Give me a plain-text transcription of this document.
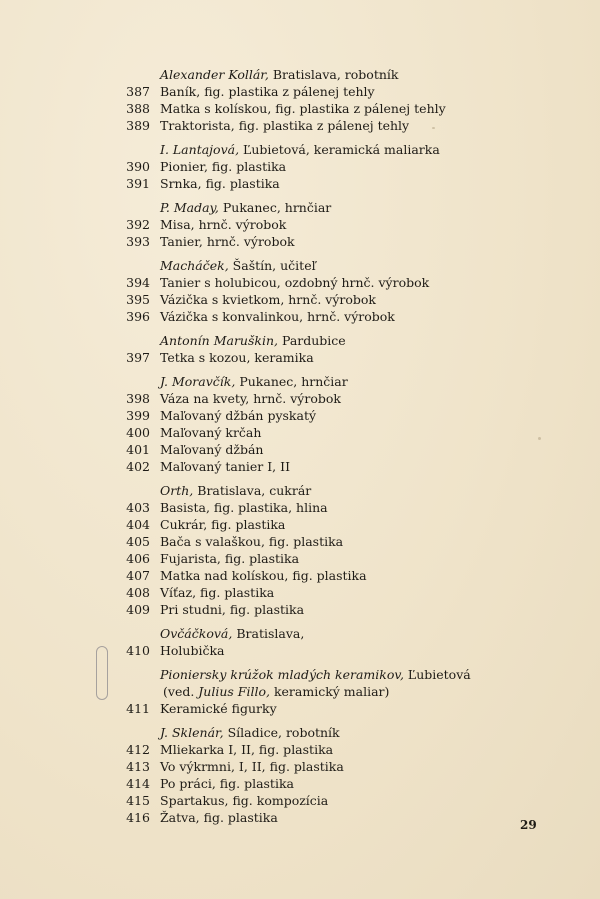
Alexander Kollár, Bratislava, robotník
387 Baník, fig. plastika z pálenej tehly
388 Matka s kolískou, fig. plastika z pálenej tehly
389 Traktorista, fig. plastika z pálenej tehly
I. Lantajová, Ľubietová, keramická maliarka
390 Pionier, fig. plastika
391 Srnka, fig. plastika
P. Maday, Pukanec, hrnčiar
392 Misa, hrnč. výrobok
393 Tanier, hrnč. výrobok
Macháček, Šaštín, učiteľ
394 Tanier s holubicou, ozdobný hrnč. výrobok
395 Vázička s kvietkom, hrnč. výrobok
396 Vázička s konvalinkou, hrnč. výrobok
Antonín Maruškin, Pardubice
397 Tetka s kozou, keramika
J. Moravčík, Pukanec, hrnčiar
398 Váza na kvety, hrnč. výrobok
399 Maľovaný džbán pyskatý
400 Maľovaný krčah
401 Maľovaný džbán
402 Maľovaný tanier I, II
Orth, Bratislava, cukrár
403 Basista, fig. plastika, hlina
404 Cukrár, fig. plastika
405 Bača s valaškou, fig. plastika
406 Fujarista, fig. plastika
407 Matka nad kolískou, fig. plastika
408 Víťaz, fig. plastika
409 Pri studni, fig. plastika
Ovčáčková, Bratislava,
410 Holubička
Pioniersky krúžok mladých keramikov, Ľubietová
(ved. Julius Fillo, keramický maliar)
411 Keramické figurky
J. Sklenár, Síladice, robotník
412 Mliekarka I, II, fig. plastika
413 Vo výkrmni, I, II, fig. plastika
414 Po práci, fig. plastika
415 Spartakus, fig. kompozícia
416 Žatva, fig. plastika	29
